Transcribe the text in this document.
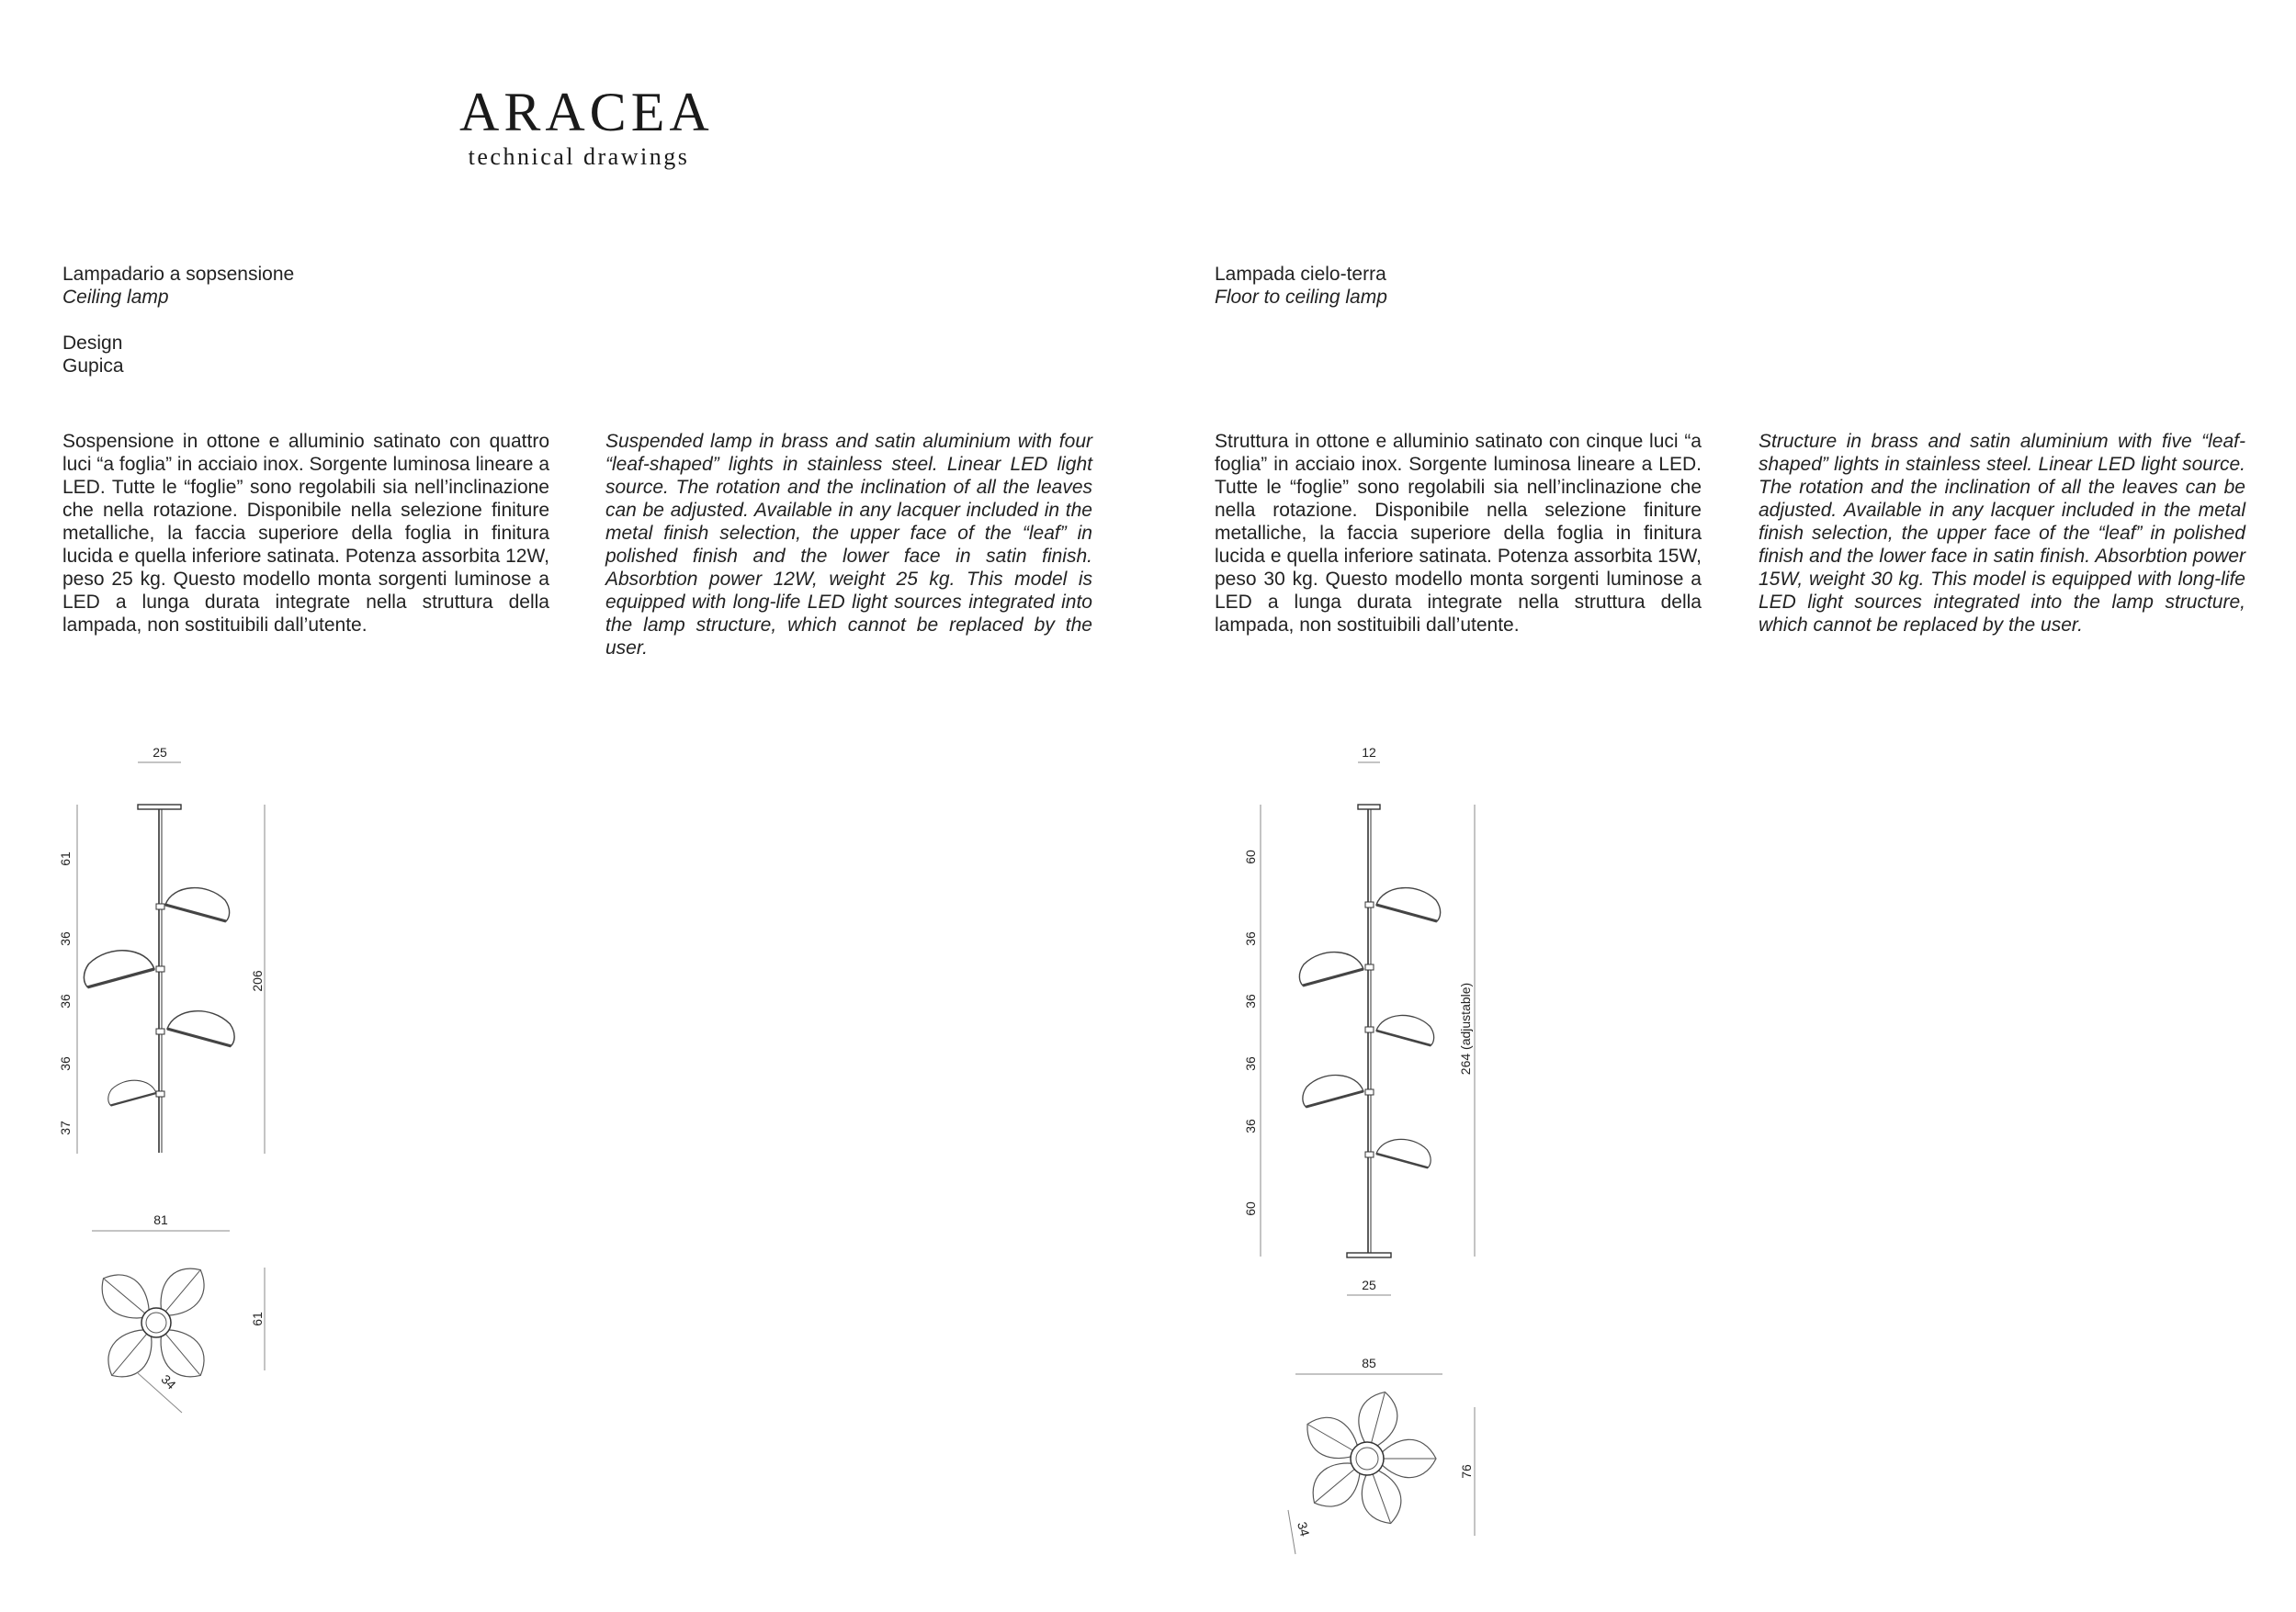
ARACEA
technical drawings
Lampadario a sopsensione
Ceiling lamp
Design
Gupica
Lampada cielo-terra
Floor to ceiling lamp
Sospensione in ottone e alluminio satinato con quattro luci “a foglia” in acciaio inox. Sorgente luminosa lineare a LED. Tutte le “foglie” sono regolabili sia nell’inclinazione che nella rotazione. Disponibile nella selezione finiture metalliche, la faccia superiore della foglia in finitura lucida e quella inferiore satinata. Potenza assorbita 12W, peso 25 kg. Questo modello monta sorgenti luminose a LED a lunga durata integrate nella struttura della lampada, non sostituibili dall’utente.
Suspended lamp in brass and satin aluminium with four “leaf-shaped” lights in stainless steel. Linear LED light source. The rotation and the inclination of all the leaves can be adjusted. Available in any lacquer included in the metal finish selection, the upper face of the “leaf” in polished finish and the lower face in satin finish. Absorbtion power 12W, weight 25 kg. This model is equipped with long-life LED light sources integrated into the lamp structure, which cannot be replaced by the user.
Struttura in ottone e alluminio satinato con cinque luci “a foglia” in acciaio inox. Sorgente luminosa lineare a LED. Tutte le “foglie” sono regolabili sia nell’inclinazione che nella rotazione. Disponibile nella selezione finiture metalliche, la faccia superiore della foglia in finitura lucida e quella inferiore satinata. Potenza assorbita 15W, peso 30 kg. Questo modello monta sorgenti luminose a LED a lunga durata integrate nella struttura della lampada, non sostituibili dall’utente.
Structure in brass and satin aluminium with five “leaf-shaped” lights in stainless steel. Linear LED light source. The rotation and the inclination of all the leaves can be adjusted. Available in any lacquer included in the metal finish selection, the upper face of the “leaf” in polished finish and the lower face in satin finish. Absorbtion power 15W, weight 30 kg. This model is equipped with long-life LED light sources integrated into the lamp structure, which cannot be replaced by the user.
25
61
36
36
36
37
206
81
61
34
12
60
36
36
36
36
60
264 (adjustable)
25
85
76
34
